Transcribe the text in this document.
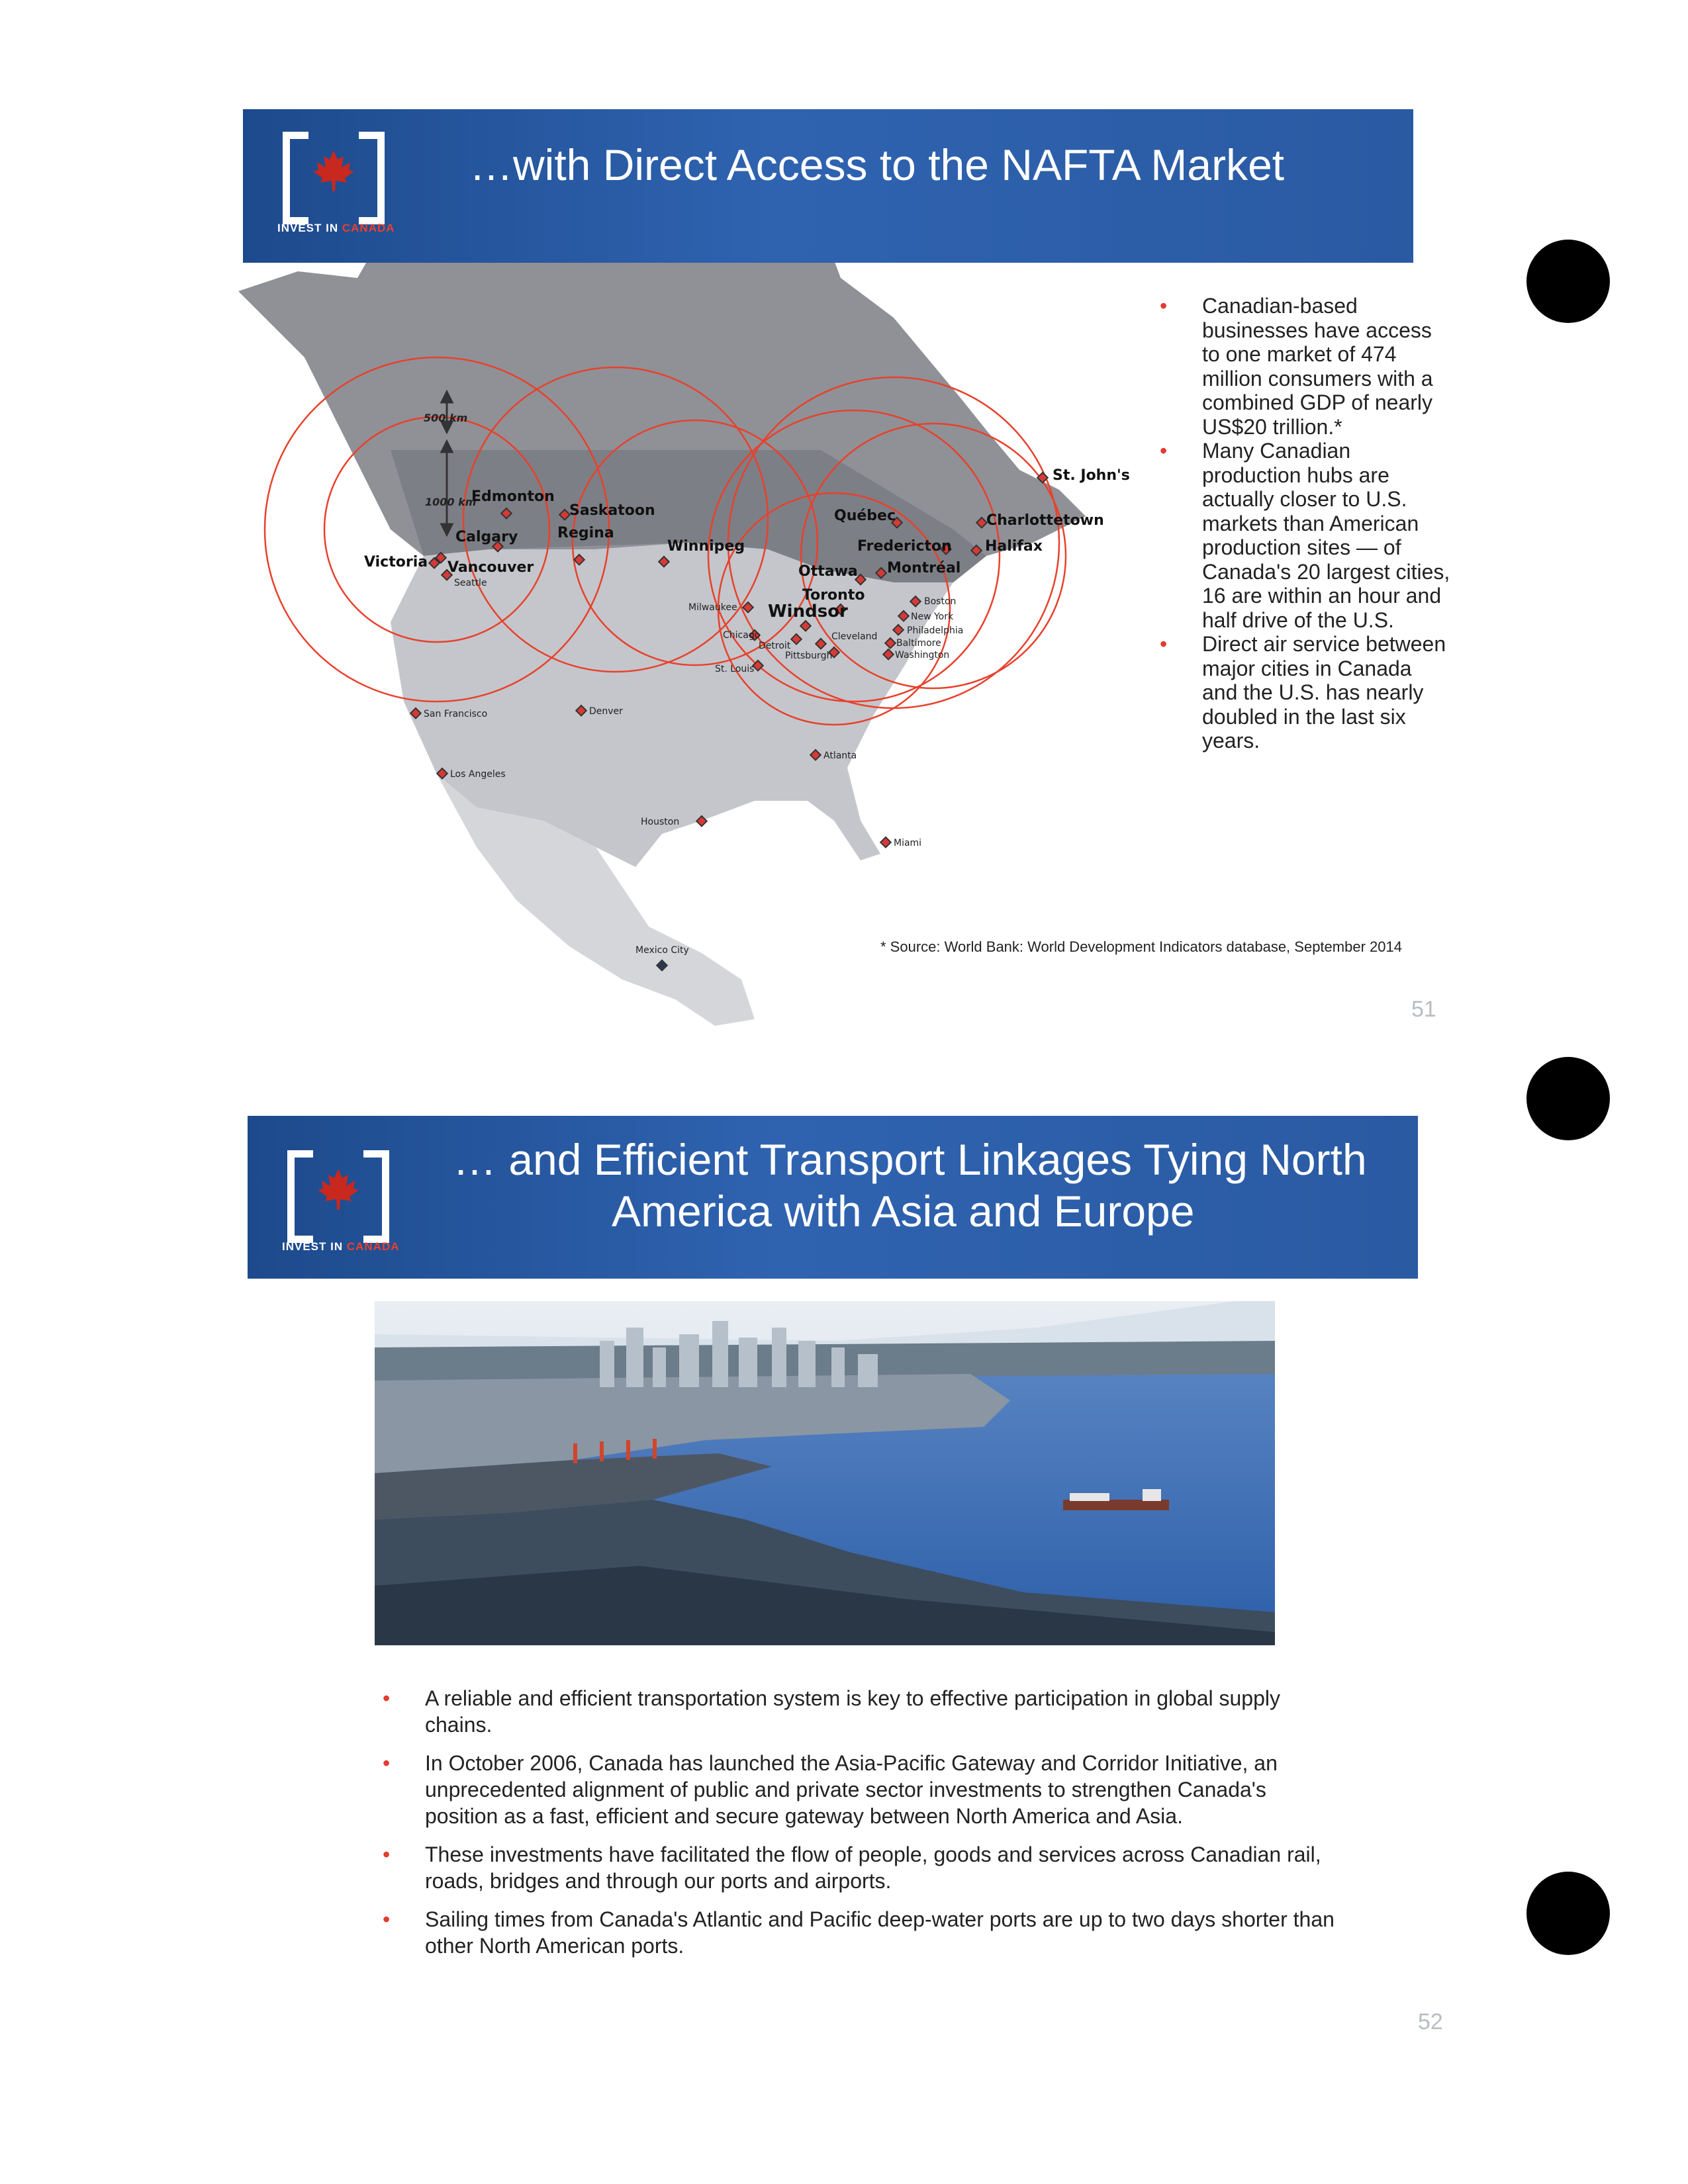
500 km
1000 km
Victoria Vancouver
Edmonton
Calgary
Saskatoon
Regina
Winnipeg
Toronto
Windsor
Ottawa
Québec
Montréal
Fredericton
Charlottetown
Halifax
St. John's
Seattle
San Francisco
Los Angeles
Denver
Houston
Milwaukee
Chicago
Detroit
Cleveland
Pittsburgh
St. Louis
Boston
New York
Philadelphia
Baltimore
Washington
Atlanta
Miami
Mexico City
INVEST IN CANADA
…with Direct Access to the NAFTA Market
• Canadian-based businesses have access to one market of 474 million consumers with a combined GDP of nearly US$20 trillion.*
• Many Canadian production hubs are actually closer to U.S. markets than American production sites — of Canada's 20 largest cities, 16 are within an hour and half drive of the U.S.
• Direct air service between major cities in Canada and the U.S. has nearly doubled in the last six years.
* Source: World Bank: World Development Indicators database, September 2014
51
INVEST IN CANADA
… and Efficient Transport Linkages Tying North
America with Asia and Europe
• A reliable and efficient transportation system is key to effective participation in global supply chains.
• In October 2006, Canada has launched the Asia-Pacific Gateway and Corridor Initiative, an unprecedented alignment of public and private sector investments to strengthen Canada's position as a fast, efficient and secure gateway between North America and Asia.
• These investments have facilitated the flow of people, goods and services across Canadian rail, roads, bridges and through our ports and airports.
• Sailing times from Canada's Atlantic and Pacific deep-water ports are up to two days shorter than other North American ports.
52
